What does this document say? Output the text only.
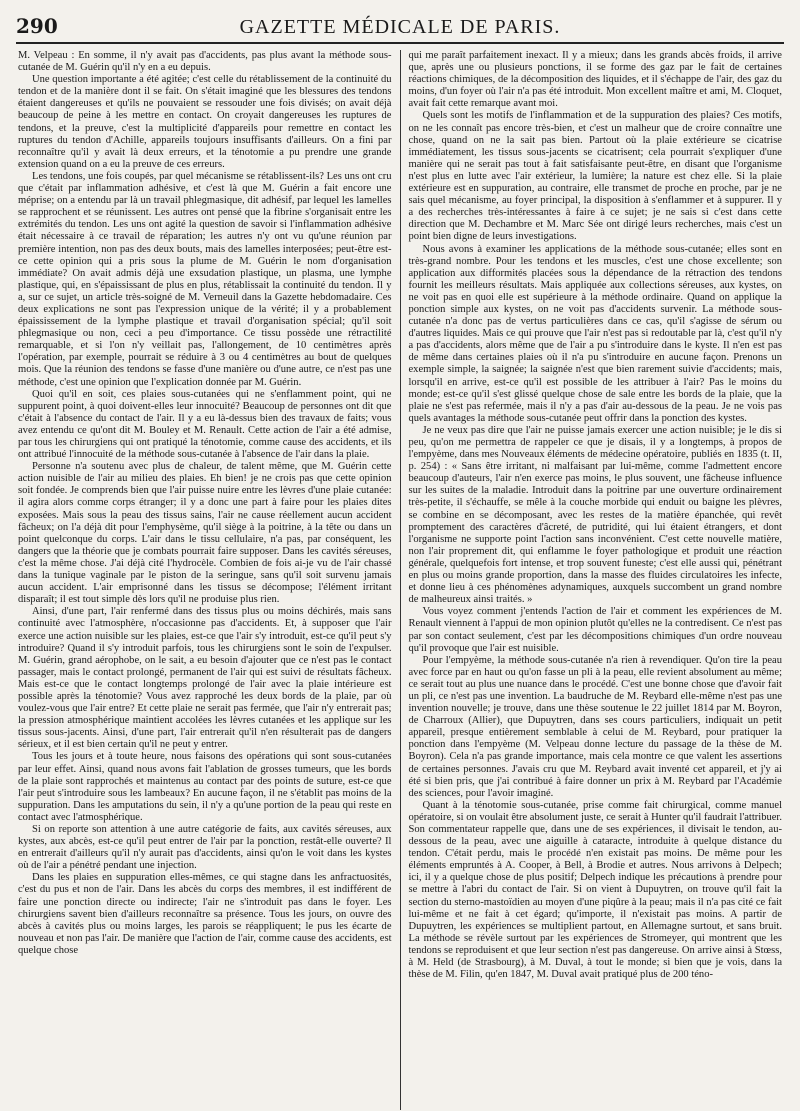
290	GAZETTE MÉDICALE DE PARIS.

M. Velpeau : En somme, il n'y avait pas d'accidents, pas plus avant la méthode sous-cutanée de M. Guérin qu'il n'y en a eu depuis.

Une question importante a été agitée; c'est celle du rétablissement de la continuité du tendon et de la manière dont il se fait. On s'était imaginé que les blessures des tendons étaient dangereuses et qu'ils ne pouvaient se ressouder une fois divisés; on avait déjà beaucoup de peine à les mettre en contact. On croyait dangereuses les ruptures de tendons, et la preuve, c'est la multiplicité d'appareils pour remettre en contact les ruptures du tendon d'Achille, appareils toujours insuffisants d'ailleurs. On a fini par reconnaître qu'il y avait là deux erreurs, et la ténotomie a pu prendre une grande extension quand on a eu la preuve de ces erreurs.

Les tendons, une fois coupés, par quel mécanisme se rétablissent-ils? Les uns ont cru que c'était par inflammation adhésive, et c'est là que M. Guérin a fait encore une méprise; on a entendu par là un travail phlegmasique, dit adhésif, par lequel les lamelles se rapprochent et se réunissent. Les autres ont pensé que la fibrine s'organisait entre les extrémités du tendon. Les uns ont agité la question de savoir si l'inflammation adhésive était nécessaire à ce travail de réparation; les autres n'y ont vu qu'une réunion par première intention, non pas des deux bouts, mais des lamelles interposées; peut-être est-ce cette opinion qui a pris sous la plume de M. Guérin le nom d'organisation immédiate? On avait admis déjà une exsudation plastique, un plasma, une lymphe plastique, qui, en s'épaississant de plus en plus, rétablissait la continuité du tendon. Il y a, sur ce sujet, un article très-soigné de M. Verneuil dans la Gazette hebdomadaire. Ces deux explications ne sont pas l'expression unique de la vérité; il y a probablement épaississement de la lymphe plastique et travail d'organisation spécial; qu'il soit phlegmasique ou non, ceci a peu d'importance. Ce tissu possède une rétractilité remarquable, et si l'on n'y veillait pas, l'allongement, de 10 centimètres après l'opération, par exemple, pourrait se réduire à 3 ou 4 centimètres au bout de quelques mois. Que la réunion des tendons se fasse d'une manière ou d'une autre, ce n'est pas une méthode, c'est une opinion que l'explication donnée par M. Guérin.

Quoi qu'il en soit, ces plaies sous-cutanées qui ne s'enflamment point, qui ne suppurent point, à quoi doivent-elles leur innocuité? Beaucoup de personnes ont dit que c'était à l'absence du contact de l'air. Il y a eu là-dessus bien des travaux de faits; vous avez entendu ce qu'ont dit M. Bouley et M. Renault. Cette action de l'air a été admise, par tous les chirurgiens qui ont pratiqué la ténotomie, comme cause des accidents, et ils ont attribué l'innocuité de la méthode sous-cutanée à l'absence de l'air dans la plaie.

Personne n'a soutenu avec plus de chaleur, de talent même, que M. Guérin cette action nuisible de l'air au milieu des plaies. Eh bien! je ne crois pas que cette opinion soit fondée. Je comprends bien que l'air puisse nuire entre les lèvres d'une plaie cutanée: il agira alors comme corps étranger; il y a donc une part à faire pour les plaies dites exposées. Mais sous la peau des tissus sains, l'air ne cause réellement aucun accident fâcheux; on l'a déjà dit pour l'emphysème, qu'il siège à la poitrine, à la tête ou dans un point quelconque du corps. L'air dans le tissu cellulaire, n'a pas, par conséquent, les dangers que la théorie que je combats pourrait faire supposer. Dans les cavités séreuses, c'est la même chose. J'ai déjà cité l'hydrocèle. Combien de fois ai-je vu de l'air chassé dans la tunique vaginale par le piston de la seringue, sans qu'il soit survenu jamais aucun accident. L'air emprisonné dans les tissus se décompose; l'élément irritant disparaît; il est tout simple dès lors qu'il ne produise plus rien.

Ainsi, d'une part, l'air renfermé dans des tissus plus ou moins déchirés, mais sans continuité avec l'atmosphère, n'occasionne pas d'accidents. Et, à supposer que l'air exerce une action nuisible sur les plaies, est-ce que l'air s'y introduit, est-ce qu'il peut s'y introduire? Quand il s'y introduit parfois, tous les chirurgiens sont le soin de l'expulser. M. Guérin, grand aérophobe, on le sait, a eu besoin d'ajouter que ce n'est pas le contact passager, mais le contact prolongé, permanent de l'air qui est suivi de résultats fâcheux. Mais est-ce que le contact longtemps prolongé de l'air avec la plaie intérieure est possible après la ténotomie? Vous avez rapproché les deux bords de la plaie, par où voulez-vous que l'air entre? Et cette plaie ne serait pas fermée, que l'air n'y entrerait pas; la pression atmosphérique maintient accolées les lèvres cutanées et les applique sur les tissus sous-jacents. Ainsi, d'une part, l'air entrerait qu'il n'en résulterait pas de dangers sérieux, et il est bien certain qu'il ne peut y entrer.

Tous les jours et à toute heure, nous faisons des opérations qui sont sous-cutanées par leur effet. Ainsi, quand nous avons fait l'ablation de grosses tumeurs, que les bords de la plaie sont rapprochés et maintenus au contact par des points de suture, est-ce que l'air peut s'introduire sous les lambeaux? En aucune façon, il ne s'établit pas moins de la suppuration. Dans les amputations du sein, il n'y a qu'une portion de la peau qui reste en contact avec l'atmosphérique.

Si on reporte son attention à une autre catégorie de faits, aux cavités séreuses, aux kystes, aux abcès, est-ce qu'il peut entrer de l'air par la ponction, restât-elle ouverte? Il en entrerait d'ailleurs qu'il n'y aurait pas d'accidents, ainsi qu'on le voit dans les kystes où de l'air a pénétré pendant une injection.

Dans les plaies en suppuration elles-mêmes, ce qui stagne dans les anfractuosités, c'est du pus et non de l'air. Dans les abcès du corps des membres, il est indifférent de faire une ponction directe ou indirecte; l'air ne s'introduit pas dans le foyer. Les chirurgiens savent bien d'ailleurs reconnaître sa présence. Tous les jours, on ouvre des abcès à cavités plus ou moins larges, les parois se réappliquent; le pus les écarte de nouveau et non pas l'air. De manière que l'action de l'air, comme cause des accidents, est quelque chose

qui me paraît parfaitement inexact. Il y a mieux; dans les grands abcès froids, il arrive que, après une ou plusieurs ponctions, il se forme des gaz par le fait de certaines réactions chimiques, de la décomposition des liquides, et il s'échappe de l'air, des gaz du moins, d'un foyer où l'air n'a pas été introduit. Mon excellent maître et ami, M. Cloquet, avait fait cette remarque avant moi.

Quels sont les motifs de l'inflammation et de la suppuration des plaies? Ces motifs, on ne les connaît pas encore très-bien, et c'est un malheur que de croire connaître une chose, quand on ne la sait pas bien. Partout où la plaie extérieure se cicatrise immédiatement, les tissus sous-jacents se cicatrisent; cela pourrait s'expliquer d'une manière qui ne serait pas tout à fait satisfaisante peut-être, en disant que l'organisme n'est plus en lutte avec l'air extérieur, la lumière; la nature est chez elle. Si la plaie extérieure est en suppuration, au contraire, elle transmet de proche en proche, par je ne sais quel mécanisme, au foyer principal, la disposition à s'enflammer et à suppurer. Il y a des recherches très-intéressantes à faire à ce sujet; je ne sais si c'est dans cette direction que M. Dechambre et M. Marc Sée ont dirigé leurs recherches, mais c'est un point bien digne de leurs investigations.

Nous avons à examiner les applications de la méthode sous-cutanée; elles sont en très-grand nombre. Pour les tendons et les muscles, c'est une chose excellente; son application aux difformités placées sous la dépendance de la rétraction des tendons fournit les meilleurs résultats. Mais appliquée aux collections séreuses, aux kystes, on ne voit pas en quoi elle est supérieure à la méthode ordinaire. Quand on applique la ponction simple aux kystes, on ne voit pas d'accidents survenir. La méthode sous-cutanée n'a donc pas de vertus particulières dans ce cas, qu'il s'agisse de sérum ou d'autres liquides. Mais ce qui prouve que l'air n'est pas si redoutable par là, c'est qu'il n'y a pas d'accidents, alors même que de l'air a pu s'introduire dans le kyste. Il n'en est pas de même dans certaines plaies où il n'a pu s'introduire en aucune façon. Prenons un exemple simple, la saignée; la saignée n'est que bien rarement suivie d'accidents; mais, lorsqu'il en arrive, est-ce qu'il est possible de les attribuer à l'air? Pas le moins du monde; est-ce qu'il s'est glissé quelque chose de sale entre les bords de la plaie, que la plaie ne s'est pas refermée, mais il n'y a pas d'air au-dessous de la peau. Je ne vois pas quels avantages la méthode sous-cutanée peut offrir dans la ponction des kystes.

Je ne veux pas dire que l'air ne puisse jamais exercer une action nuisible; je le dis si peu, qu'on me permettra de rappeler ce que je disais, il y a longtemps, à propos de l'empyème, dans mes Nouveaux éléments de médecine opératoire, publiés en 1835 (t. II, p. 254) : « Sans être irritant, ni malfaisant par lui-même, comme l'admettent encore beaucoup d'auteurs, l'air n'en exerce pas moins, le plus souvent, une fâcheuse influence sur les suites de la maladie. Introduit dans la poitrine par une ouverture ordinairement très-petite, il s'échauffe, se mêle à la couche morbide qui enduit ou baigne les plèvres, se combine en se décomposant, avec les restes de la matière épanchée, qui revêt promptement des caractères d'âcreté, de putridité, qui lui étaient étrangers, et dont l'organisme ne supporte point l'action sans inconvénient. C'est cette nouvelle matière, non l'air proprement dit, qui enflamme le foyer pathologique et produit une réaction générale, quelquefois fort intense, et trop souvent funeste; c'est elle aussi qui, pénétrant en plus ou moins grande proportion, dans la masse des fluides circulatoires les infecte, et donne lieu à ces phénomènes adynamiques, auxquels succombent un grand nombre de malheureux ainsi traités. »

Vous voyez comment j'entends l'action de l'air et comment les expériences de M. Renault viennent à l'appui de mon opinion plutôt qu'elles ne la contredisent. Ce n'est pas par son contact seulement, c'est par les décompositions chimiques d'un ordre nouveau qu'il provoque que l'air est nuisible.

Pour l'empyème, la méthode sous-cutanée n'a rien à revendiquer. Qu'on tire la peau avec force par en haut ou qu'on fasse un pli à la peau, elle revient absolument au même; ce serait tout au plus une nuance dans le procédé. C'est une bonne chose que d'avoir fait un pli, ce n'est pas une invention. La baudruche de M. Reybard elle-même n'est pas une invention nouvelle; je trouve, dans une thèse soutenue le 22 juillet 1814 par M. Boyron, de Charroux (Allier), que Dupuytren, dans ses cours particuliers, indiquait un petit appareil, presque entièrement semblable à celui de M. Reybard, pour pratiquer la ponction dans l'empyème (M. Velpeau donne lecture du passage de la thèse de M. Boyron). Cela n'a pas grande importance, mais cela montre ce que valent les assertions de certaines personnes. J'avais cru que M. Reybard avait inventé cet appareil, et j'y ai été si bien pris, que j'ai contribué à faire donner un prix à M. Reybard par l'Académie des sciences, pour l'avoir imaginé.

Quant à la ténotomie sous-cutanée, prise comme fait chirurgical, comme manuel opératoire, si on voulait être absolument juste, ce serait à Hunter qu'il faudrait l'attribuer. Son commentateur rappelle que, dans une de ses expériences, il divisait le tendon, au-dessous de la peau, avec une aiguille à cataracte, introduite à quelque distance du tendon. C'était perdu, mais le procédé n'en existait pas moins. De même pour les éléments empruntés à A. Cooper, à Bell, à Brodie et autres. Nous arrivons à Delpech; ici, il y a quelque chose de plus positif; Delpech indique les précautions à prendre pour se mettre à l'abri du contact de l'air. Si on vient à Dupuytren, on trouve qu'il fait la section du sterno-mastoïdien au moyen d'une piqûre à la peau; mais il n'a pas cité ce fait lui-même et ne fait à cet égard; qu'importe, il n'existait pas moins. A partir de Dupuytren, les expériences se multiplient partout, en Allemagne surtout, et sans bruit. La méthode se révèle surtout par les expériences de Stromeyer, qui montrent que les tendons se reproduisent et que leur section n'est pas dangereuse. On arrive ainsi à Stœss, à M. Held (de Strasbourg), à M. Duval, à tout le monde; si bien que je vois, dans la thèse de M. Filin, qu'en 1847, M. Duval avait pratiqué plus de 200 téno-
